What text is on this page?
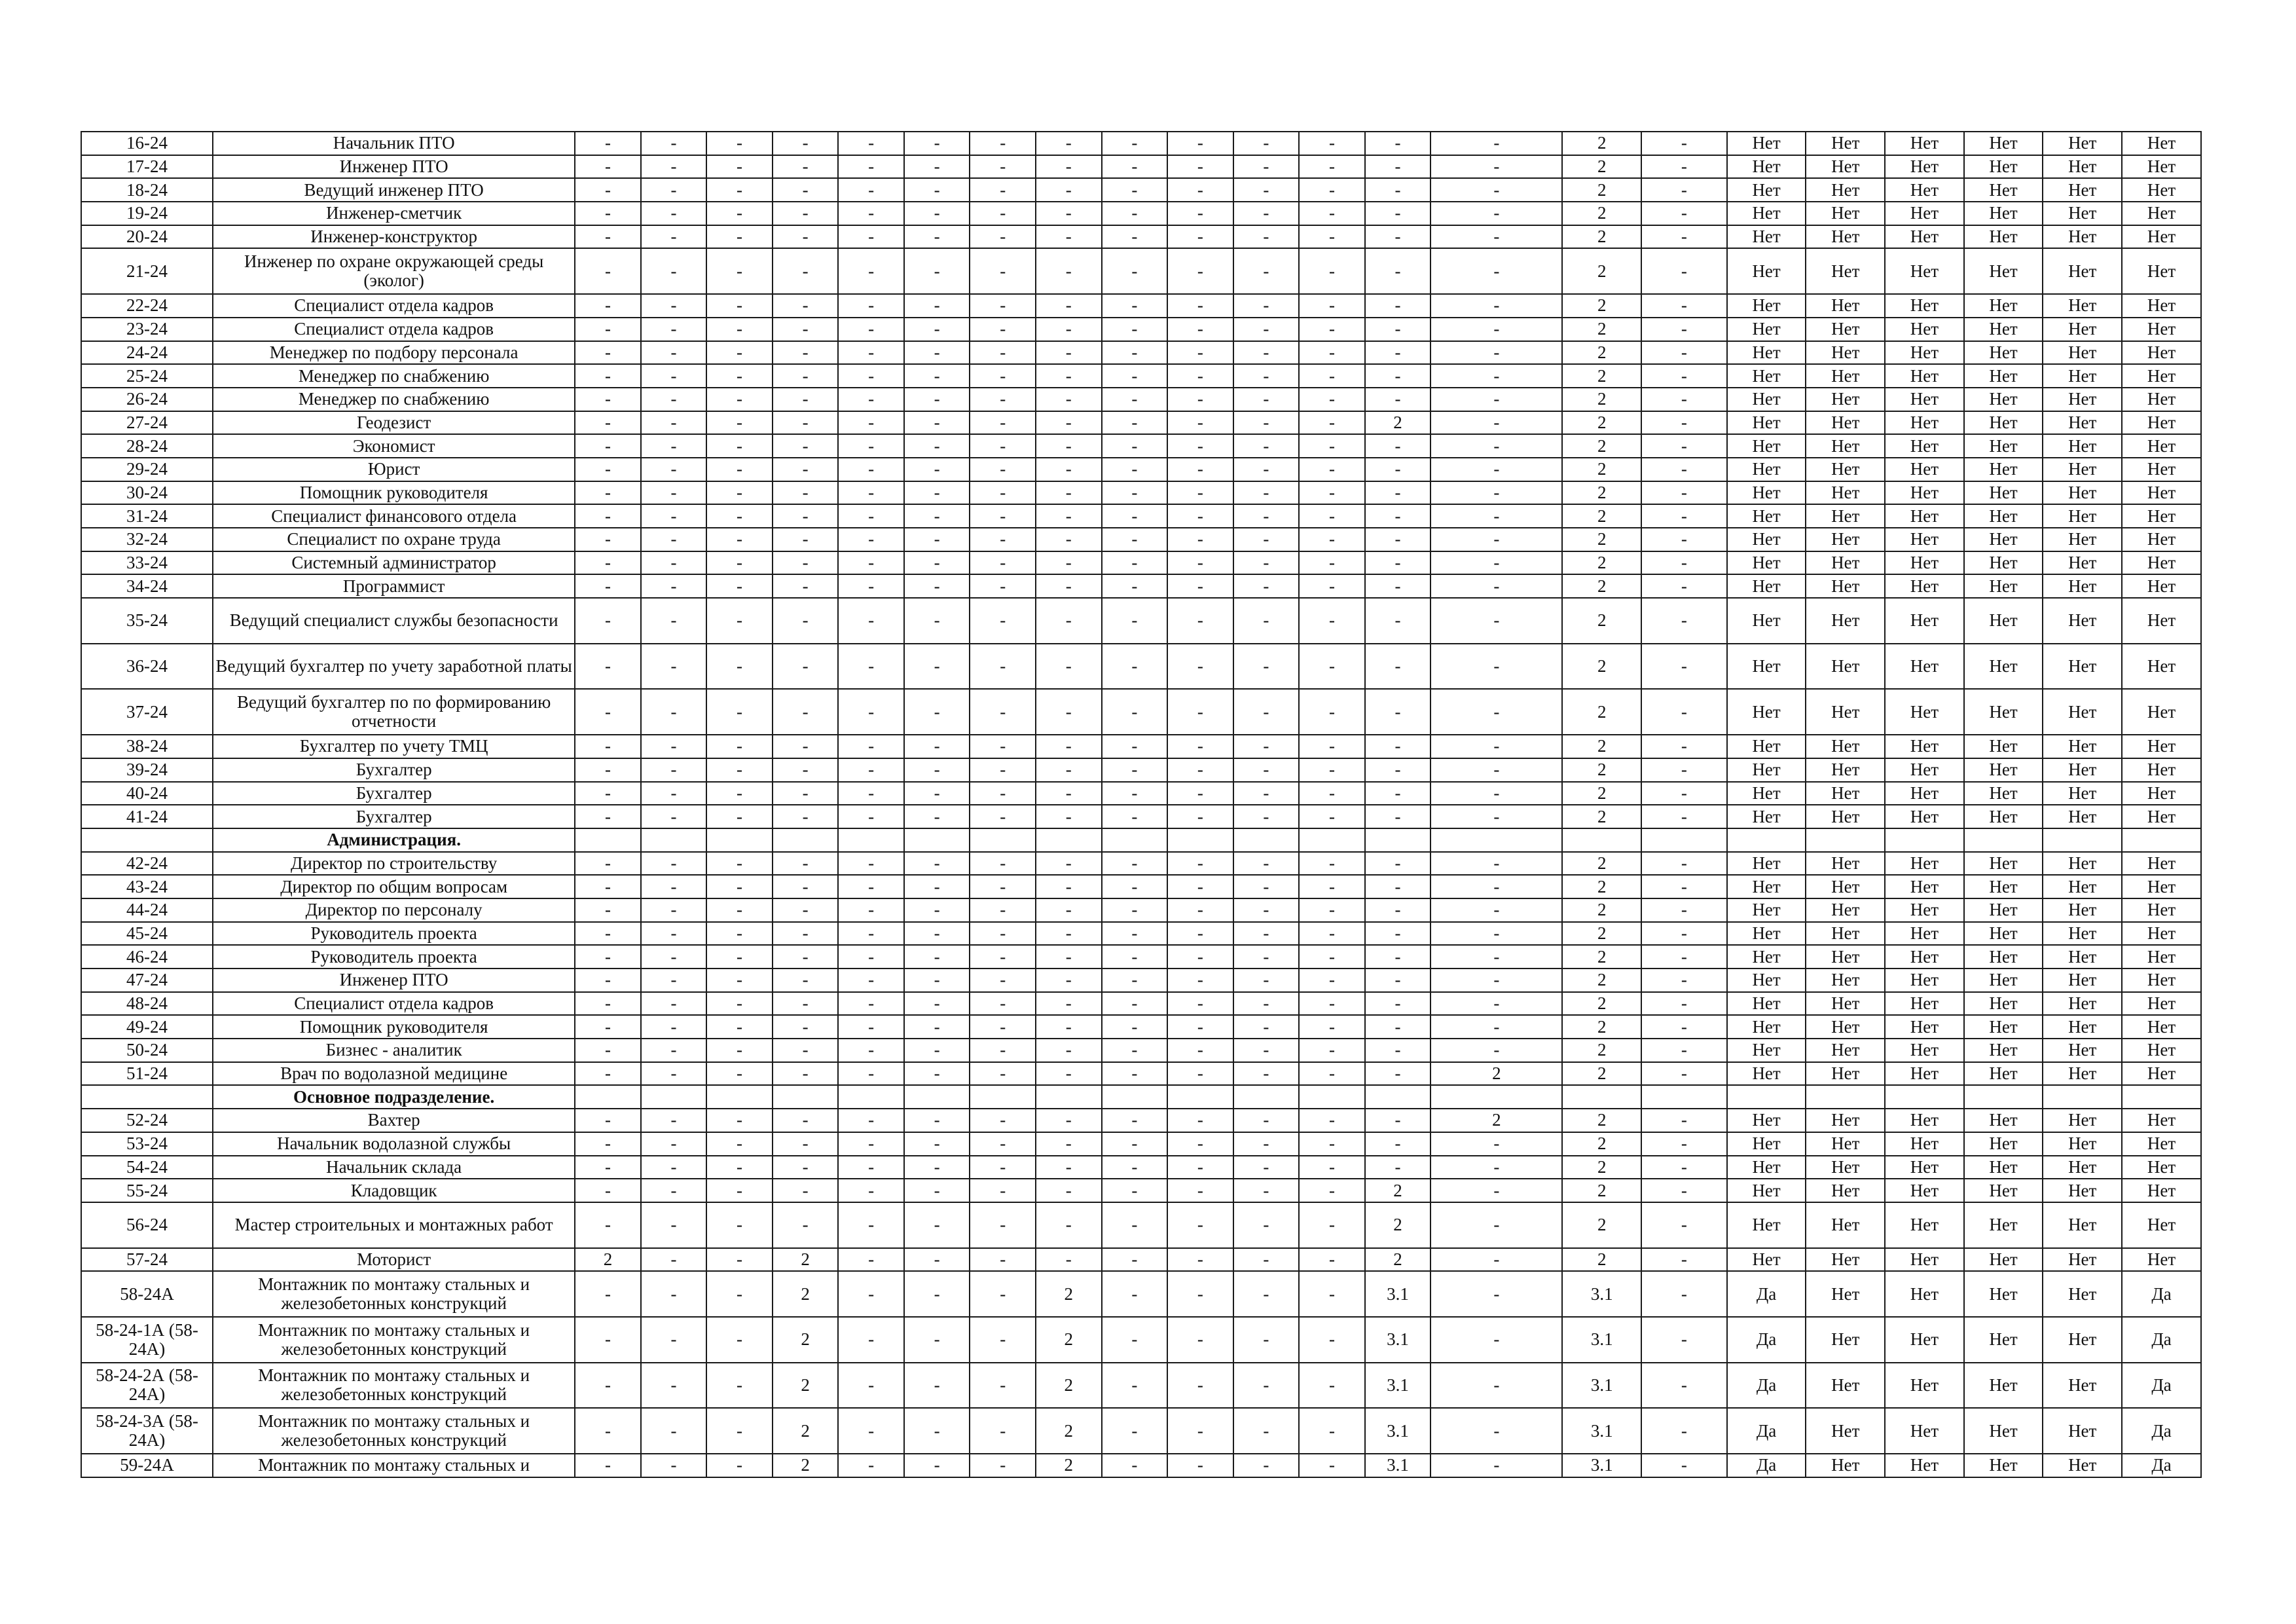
16-24	Начальник ПТО	-	-	-	-	-	-	-	-	-	-	-	-	-	-	2	-	Нет	Нет	Нет	Нет	Нет	Нет
17-24	Инженер ПТО	-	-	-	-	-	-	-	-	-	-	-	-	-	-	2	-	Нет	Нет	Нет	Нет	Нет	Нет
18-24	Ведущий инженер ПТО	-	-	-	-	-	-	-	-	-	-	-	-	-	-	2	-	Нет	Нет	Нет	Нет	Нет	Нет
19-24	Инженер-сметчик	-	-	-	-	-	-	-	-	-	-	-	-	-	-	2	-	Нет	Нет	Нет	Нет	Нет	Нет
20-24	Инженер-конструктор	-	-	-	-	-	-	-	-	-	-	-	-	-	-	2	-	Нет	Нет	Нет	Нет	Нет	Нет
21-24	Инженер по охране окружающей среды (эколог)	-	-	-	-	-	-	-	-	-	-	-	-	-	-	2	-	Нет	Нет	Нет	Нет	Нет	Нет
22-24	Специалист отдела кадров	-	-	-	-	-	-	-	-	-	-	-	-	-	-	2	-	Нет	Нет	Нет	Нет	Нет	Нет
23-24	Специалист отдела кадров	-	-	-	-	-	-	-	-	-	-	-	-	-	-	2	-	Нет	Нет	Нет	Нет	Нет	Нет
24-24	Менеджер по подбору персонала	-	-	-	-	-	-	-	-	-	-	-	-	-	-	2	-	Нет	Нет	Нет	Нет	Нет	Нет
25-24	Менеджер по снабжению	-	-	-	-	-	-	-	-	-	-	-	-	-	-	2	-	Нет	Нет	Нет	Нет	Нет	Нет
26-24	Менеджер по снабжению	-	-	-	-	-	-	-	-	-	-	-	-	-	-	2	-	Нет	Нет	Нет	Нет	Нет	Нет
27-24	Геодезист	-	-	-	-	-	-	-	-	-	-	-	-	2	-	2	-	Нет	Нет	Нет	Нет	Нет	Нет
28-24	Экономист	-	-	-	-	-	-	-	-	-	-	-	-	-	-	2	-	Нет	Нет	Нет	Нет	Нет	Нет
29-24	Юрист	-	-	-	-	-	-	-	-	-	-	-	-	-	-	2	-	Нет	Нет	Нет	Нет	Нет	Нет
30-24	Помощник руководителя	-	-	-	-	-	-	-	-	-	-	-	-	-	-	2	-	Нет	Нет	Нет	Нет	Нет	Нет
31-24	Специалист финансового отдела	-	-	-	-	-	-	-	-	-	-	-	-	-	-	2	-	Нет	Нет	Нет	Нет	Нет	Нет
32-24	Специалист по охране труда	-	-	-	-	-	-	-	-	-	-	-	-	-	-	2	-	Нет	Нет	Нет	Нет	Нет	Нет
33-24	Системный администратор	-	-	-	-	-	-	-	-	-	-	-	-	-	-	2	-	Нет	Нет	Нет	Нет	Нет	Нет
34-24	Программист	-	-	-	-	-	-	-	-	-	-	-	-	-	-	2	-	Нет	Нет	Нет	Нет	Нет	Нет
35-24	Ведущий специалист службы безопасности	-	-	-	-	-	-	-	-	-	-	-	-	-	-	2	-	Нет	Нет	Нет	Нет	Нет	Нет
36-24	Ведущий бухгалтер по учету заработной платы	-	-	-	-	-	-	-	-	-	-	-	-	-	-	2	-	Нет	Нет	Нет	Нет	Нет	Нет
37-24	Ведущий бухгалтер по по формированию отчетности	-	-	-	-	-	-	-	-	-	-	-	-	-	-	2	-	Нет	Нет	Нет	Нет	Нет	Нет
38-24	Бухгалтер по учету ТМЦ	-	-	-	-	-	-	-	-	-	-	-	-	-	-	2	-	Нет	Нет	Нет	Нет	Нет	Нет
39-24	Бухгалтер	-	-	-	-	-	-	-	-	-	-	-	-	-	-	2	-	Нет	Нет	Нет	Нет	Нет	Нет
40-24	Бухгалтер	-	-	-	-	-	-	-	-	-	-	-	-	-	-	2	-	Нет	Нет	Нет	Нет	Нет	Нет
41-24	Бухгалтер	-	-	-	-	-	-	-	-	-	-	-	-	-	-	2	-	Нет	Нет	Нет	Нет	Нет	Нет
	Администрация.																						
42-24	Директор по строительству	-	-	-	-	-	-	-	-	-	-	-	-	-	-	2	-	Нет	Нет	Нет	Нет	Нет	Нет
43-24	Директор по общим вопросам	-	-	-	-	-	-	-	-	-	-	-	-	-	-	2	-	Нет	Нет	Нет	Нет	Нет	Нет
44-24	Директор по персоналу	-	-	-	-	-	-	-	-	-	-	-	-	-	-	2	-	Нет	Нет	Нет	Нет	Нет	Нет
45-24	Руководитель проекта	-	-	-	-	-	-	-	-	-	-	-	-	-	-	2	-	Нет	Нет	Нет	Нет	Нет	Нет
46-24	Руководитель проекта	-	-	-	-	-	-	-	-	-	-	-	-	-	-	2	-	Нет	Нет	Нет	Нет	Нет	Нет
47-24	Инженер ПТО	-	-	-	-	-	-	-	-	-	-	-	-	-	-	2	-	Нет	Нет	Нет	Нет	Нет	Нет
48-24	Специалист отдела кадров	-	-	-	-	-	-	-	-	-	-	-	-	-	-	2	-	Нет	Нет	Нет	Нет	Нет	Нет
49-24	Помощник руководителя	-	-	-	-	-	-	-	-	-	-	-	-	-	-	2	-	Нет	Нет	Нет	Нет	Нет	Нет
50-24	Бизнес - аналитик	-	-	-	-	-	-	-	-	-	-	-	-	-	-	2	-	Нет	Нет	Нет	Нет	Нет	Нет
51-24	Врач по водолазной медицине	-	-	-	-	-	-	-	-	-	-	-	-	-	2	2	-	Нет	Нет	Нет	Нет	Нет	Нет
	Основное подразделение.																						
52-24	Вахтер	-	-	-	-	-	-	-	-	-	-	-	-	-	2	2	-	Нет	Нет	Нет	Нет	Нет	Нет
53-24	Начальник водолазной службы	-	-	-	-	-	-	-	-	-	-	-	-	-	-	2	-	Нет	Нет	Нет	Нет	Нет	Нет
54-24	Начальник склада	-	-	-	-	-	-	-	-	-	-	-	-	-	-	2	-	Нет	Нет	Нет	Нет	Нет	Нет
55-24	Кладовщик	-	-	-	-	-	-	-	-	-	-	-	-	2	-	2	-	Нет	Нет	Нет	Нет	Нет	Нет
56-24	Мастер строительных и монтажных работ	-	-	-	-	-	-	-	-	-	-	-	-	2	-	2	-	Нет	Нет	Нет	Нет	Нет	Нет
57-24	Моторист	2	-	-	2	-	-	-	-	-	-	-	-	2	-	2	-	Нет	Нет	Нет	Нет	Нет	Нет
58-24А	Монтажник по монтажу стальных и железобетонных конструкций	-	-	-	2	-	-	-	2	-	-	-	-	3.1	-	3.1	-	Да	Нет	Нет	Нет	Нет	Да
58-24-1А (58-24А)	Монтажник по монтажу стальных и железобетонных конструкций	-	-	-	2	-	-	-	2	-	-	-	-	3.1	-	3.1	-	Да	Нет	Нет	Нет	Нет	Да
58-24-2А (58-24А)	Монтажник по монтажу стальных и железобетонных конструкций	-	-	-	2	-	-	-	2	-	-	-	-	3.1	-	3.1	-	Да	Нет	Нет	Нет	Нет	Да
58-24-3А (58-24А)	Монтажник по монтажу стальных и железобетонных конструкций	-	-	-	2	-	-	-	2	-	-	-	-	3.1	-	3.1	-	Да	Нет	Нет	Нет	Нет	Да
59-24А	Монтажник по монтажу стальных и	-	-	-	2	-	-	-	2	-	-	-	-	3.1	-	3.1	-	Да	Нет	Нет	Нет	Нет	Да
